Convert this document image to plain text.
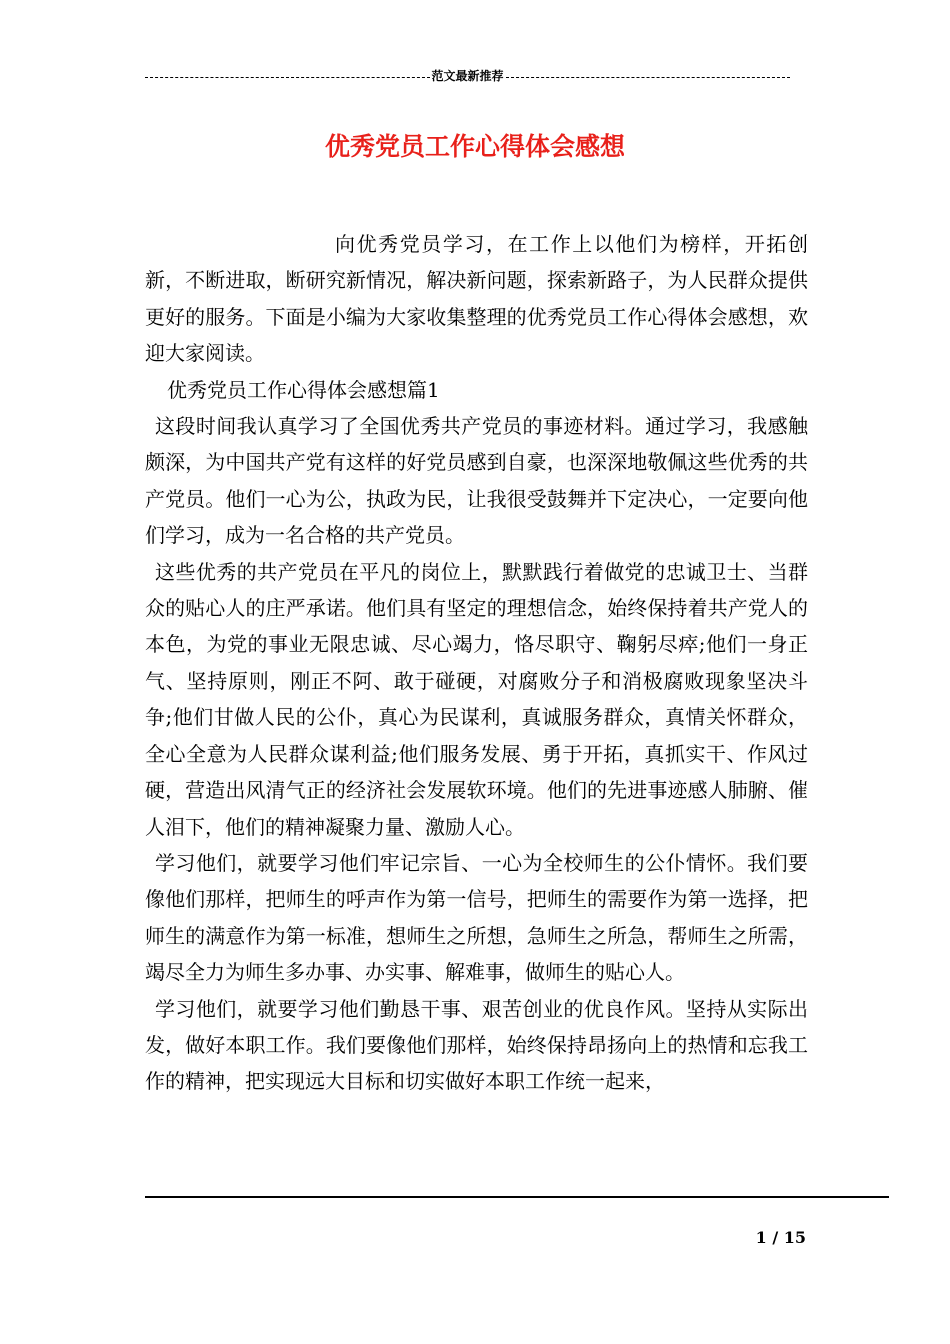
范文最新推荐
优秀党员工作心得体会感想

向优秀党员学习，在工作上以他们为榜样，开拓创新，不断进取，断研究新情况，解决新问题，探索新路子，为人民群众提供更好的服务。下面是小编为大家收集整理的优秀党员工作心得体会感想，欢迎大家阅读。

优秀党员工作心得体会感想篇1

这段时间我认真学习了全国优秀共产党员的事迹材料。通过学习，我感触颇深，为中国共产党有这样的好党员感到自豪，也深深地敬佩这些优秀的共产党员。他们一心为公，执政为民，让我很受鼓舞并下定决心，一定要向他们学习，成为一名合格的共产党员。

这些优秀的共产党员在平凡的岗位上，默默践行着做党的忠诚卫士、当群众的贴心人的庄严承诺。他们具有坚定的理想信念，始终保持着共产党人的本色，为党的事业无限忠诚、尽心竭力，恪尽职守、鞠躬尽瘁;他们一身正气、坚持原则，刚正不阿、敢于碰硬，对腐败分子和消极腐败现象坚决斗争;他们甘做人民的公仆，真心为民谋利，真诚服务群众，真情关怀群众，全心全意为人民群众谋利益;他们服务发展、勇于开拓，真抓实干、作风过硬，营造出风清气正的经济社会发展软环境。他们的先进事迹感人肺腑、催人泪下，他们的精神凝聚力量、激励人心。

学习他们，就要学习他们牢记宗旨、一心为全校师生的公仆情怀。我们要像他们那样，把师生的呼声作为第一信号，把师生的需要作为第一选择，把师生的满意作为第一标准，想师生之所想，急师生之所急，帮师生之所需，竭尽全力为师生多办事、办实事、解难事，做师生的贴心人。

学习他们，就要学习他们勤恳干事、艰苦创业的优良作风。坚持从实际出发，做好本职工作。我们要像他们那样，始终保持昂扬向上的热情和忘我工作的精神，把实现远大目标和切实做好本职工作统一起来，

1 / 15
